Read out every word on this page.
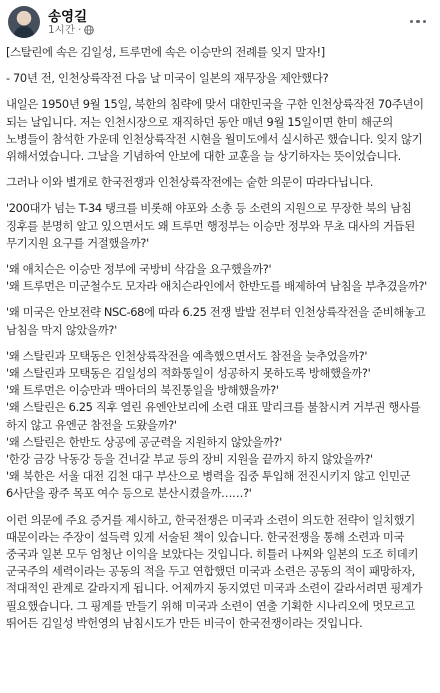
송영길
1시간 ·

[스탈린에 속은 김일성, 트루먼에 속은 이승만의 전례를 잊지 말자!]

- 70년 전, 인천상륙작전 다음 날 미국이 일본의 재무장을 제안했다?

내일은 1950년 9월 15일, 북한의 침략에 맞서 대한민국을 구한 인천상륙작전 70주년이 되는 날입니다. 저는 인천시장으로 재직하던 동안 매년 9월 15일이면 한미 해군의 노병들이 참석한 가운데 인천상륙작전 시현을 월미도에서 실시하곤 했습니다. 잊지 않기 위해서였습니다. 그날을 기념하여 안보에 대한 교훈을 늘 상기하자는 뜻이었습니다.

그러나 이와 별개로 한국전쟁과 인천상륙작전에는 숱한 의문이 따라다닙니다.

'200대가 넘는 T-34 탱크를 비롯해 야포와 소총 등 소련의 지원으로 무장한 북의 남침 징후를 분명히 알고 있으면서도 왜 트루먼 행정부는 이승만 정부와 무초 대사의 거듭된 무기지원 요구를 거절했을까?'

'왜 애치슨은 이승만 정부에 국방비 삭감을 요구했을까?'
'왜 트루먼은 미군철수도 모자라 애치슨라인에서 한반도를 배제하여 남침을 부추겼을까?'

'왜 미국은 안보전략 NSC-68에 따라 6.25 전쟁 발발 전부터 인천상륙작전을 준비해놓고 남침을 막지 않았을까?'

'왜 스탈린과 모택동은 인천상륙작전을 예측했으면서도 참전을 늦추었을까?'
'왜 스탈린과 모택동은 김일성의 적화통일이 성공하지 못하도록 방해했을까?'
'왜 트루먼은 이승만과 맥아더의 북진통일을 방해했을까?'
'왜 스탈린은 6.25 직후 열린 유엔안보리에 소련 대표 말리크를 불참시켜 거부권 행사를 하지 않고 유엔군 참전을 도왔을까?'
'왜 스탈린은 한반도 상공에 공군력을 지원하지 않았을까?'
'한강 금강 낙동강 등을 건너갈 부교 등의 장비 지원을 끝까지 하지 않았을까?'
'왜 북한은 서울 대전 김천 대구 부산으로 병력을 집중 투입해 전진시키지 않고 인민군 6사단을 광주 목포 여수 등으로 분산시켰을까……?'

이런 의문에 주요 증거를 제시하고, 한국전쟁은 미국과 소련이 의도한 전략이 일치했기 때문이라는 주장이 설득력 있게 서술된 책이 있습니다. 한국전쟁을 통해 소련과 미국 중국과 일본 모두 엄청난 이익을 보았다는 것입니다. 히틀러 나찌와 일본의 도조 히데키 군국주의 세력이라는 공동의 적을 두고 연합했던 미국과 소련은 공동의 적이 패망하자, 적대적인 관계로 갈라지게 됩니다. 어제까지 동지였던 미국과 소련이 갈라서려면 핑계가 필요했습니다. 그 핑계를 만들기 위해 미국과 소련이 연출 기획한 시나리오에 멋모르고 뛰어든 김일성 박헌영의 남침시도가 만든 비극이 한국전쟁이라는 것입니다.
